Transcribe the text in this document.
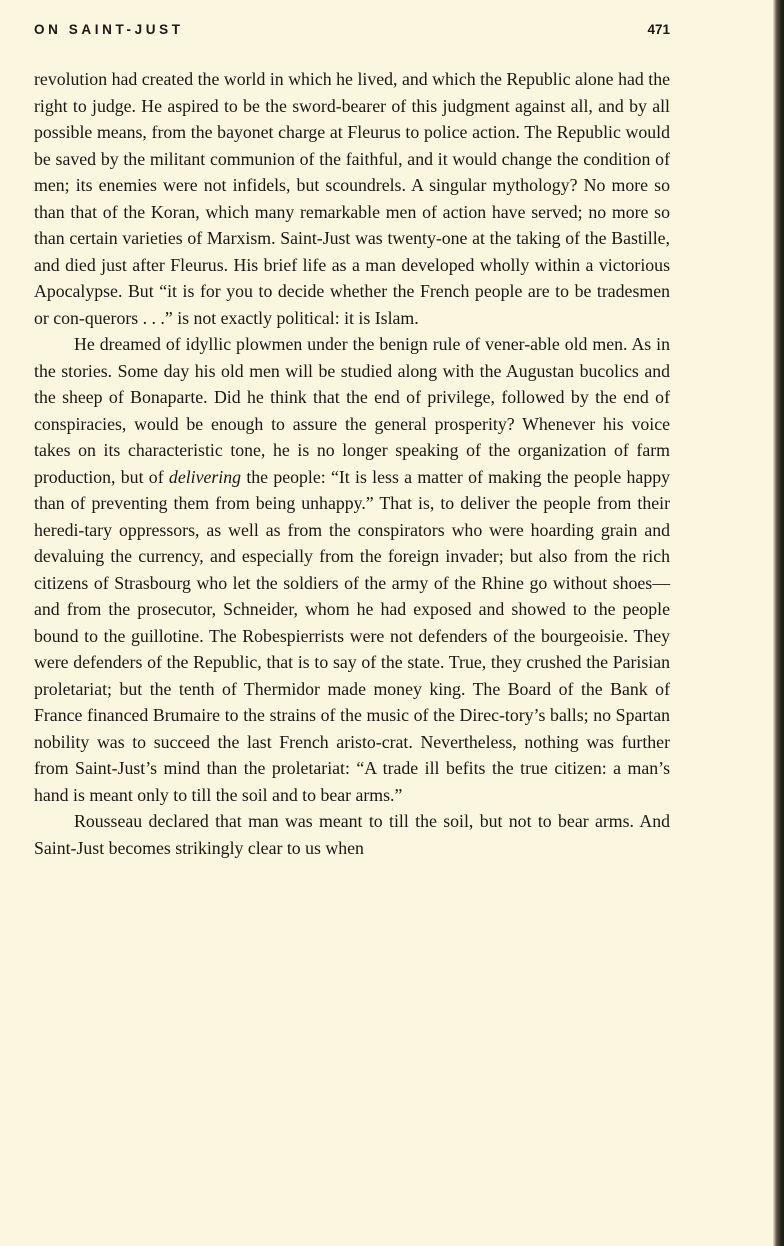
ON SAINT-JUST	471

revolution had created the world in which he lived, and which the Republic alone had the right to judge. He aspired to be the sword-bearer of this judgment against all, and by all possible means, from the bayonet charge at Fleurus to police action. The Republic would be saved by the militant communion of the faithful, and it would change the condition of men; its enemies were not infidels, but scoundrels. A singular mythology? No more so than that of the Koran, which many remarkable men of action have served; no more so than certain varieties of Marxism. Saint-Just was twenty-one at the taking of the Bastille, and died just after Fleurus. His brief life as a man developed wholly within a victorious Apocalypse. But “it is for you to decide whether the French people are to be tradesmen or con-querors . . .” is not exactly political: it is Islam.

He dreamed of idyllic plowmen under the benign rule of vener-able old men. As in the stories. Some day his old men will be studied along with the Augustan bucolics and the sheep of Bonaparte. Did he think that the end of privilege, followed by the end of conspiracies, would be enough to assure the general prosperity? Whenever his voice takes on its characteristic tone, he is no longer speaking of the organization of farm production, but of delivering the people: “It is less a matter of making the people happy than of preventing them from being unhappy.” That is, to deliver the people from their heredi-tary oppressors, as well as from the conspirators who were hoarding grain and devaluing the currency, and especially from the foreign invader; but also from the rich citizens of Strasbourg who let the soldiers of the army of the Rhine go without shoes—and from the prosecutor, Schneider, whom he had exposed and showed to the people bound to the guillotine. The Robespierrists were not defenders of the bourgeoisie. They were defenders of the Republic, that is to say of the state. True, they crushed the Parisian proletariat; but the tenth of Thermidor made money king. The Board of the Bank of France financed Brumaire to the strains of the music of the Direc-tory’s balls; no Spartan nobility was to succeed the last French aristo-crat. Nevertheless, nothing was further from Saint-Just’s mind than the proletariat: “A trade ill befits the true citizen: a man’s hand is meant only to till the soil and to bear arms.”

Rousseau declared that man was meant to till the soil, but not to bear arms. And Saint-Just becomes strikingly clear to us when
